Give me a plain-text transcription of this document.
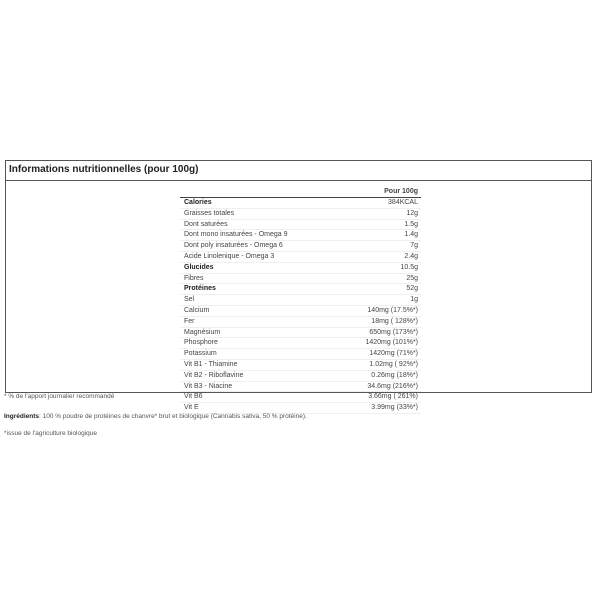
Informations nutritionnelles (pour 100g)
Pour 100g
Calories	384KCAL
Graisses totales	12g
Dont saturées	1.5g
Dont mono insaturées - Omega 9	1.4g
Dont poly insaturées - Omega 6	7g
Acide Linolenique - Omega 3	2.4g
Glucides	10.5g
Fibres	25g
Protéines	52g
Sel	1g
Calcium	140mg (17.5%*)
Fer	18mg ( 128%*)
Magnésium	650mg (173%*)
Phosphore	1420mg (101%*)
Potassium	1420mg (71%*)
Vit B1 - Thiamine	1.02mg ( 92%*)
Vit B2 - Riboflavine	0.26mg (18%*)
Vit B3 - Niacine	34.6mg (216%*)
Vit B6	3.66mg ( 261%)
Vit E	3.99mg (33%*)
* % de l'apport journalier recommandé
Ingrédients: 100 % poudre de protéines de chanvre* brut et biologique (Cannabis sativa, 50 % protéine).
*issue de l'agriculture biologique
